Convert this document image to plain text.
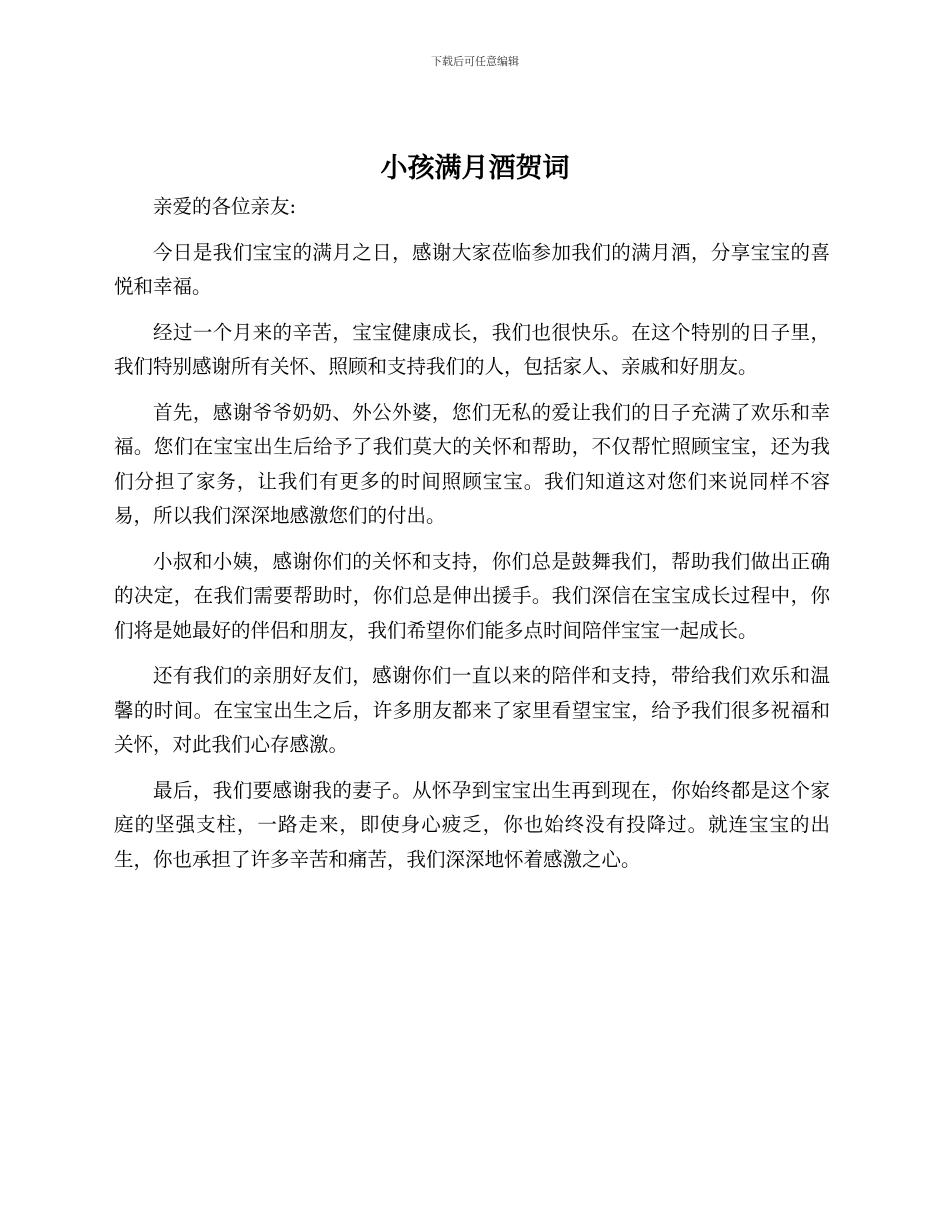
下载后可任意编辑
小孩满月酒贺词

亲爱的各位亲友:

今日是我们宝宝的满月之日，感谢大家莅临参加我们的满月酒，分享宝宝的喜悦和幸福。

经过一个月来的辛苦，宝宝健康成长，我们也很快乐。在这个特别的日子里，我们特别感谢所有关怀、照顾和支持我们的人，包括家人、亲戚和好朋友。

首先，感谢爷爷奶奶、外公外婆，您们无私的爱让我们的日子充满了欢乐和幸福。您们在宝宝出生后给予了我们莫大的关怀和帮助，不仅帮忙照顾宝宝，还为我们分担了家务，让我们有更多的时间照顾宝宝。我们知道这对您们来说同样不容易，所以我们深深地感激您们的付出。

小叔和小姨，感谢你们的关怀和支持，你们总是鼓舞我们，帮助我们做出正确的决定，在我们需要帮助时，你们总是伸出援手。我们深信在宝宝成长过程中，你们将是她最好的伴侣和朋友，我们希望你们能多点时间陪伴宝宝一起成长。

还有我们的亲朋好友们，感谢你们一直以来的陪伴和支持，带给我们欢乐和温馨的时间。在宝宝出生之后，许多朋友都来了家里看望宝宝，给予我们很多祝福和关怀，对此我们心存感激。

最后，我们要感谢我的妻子。从怀孕到宝宝出生再到现在，你始终都是这个家庭的坚强支柱，一路走来，即使身心疲乏，你也始终没有投降过。就连宝宝的出生，你也承担了许多辛苦和痛苦，我们深深地怀着感激之心。
